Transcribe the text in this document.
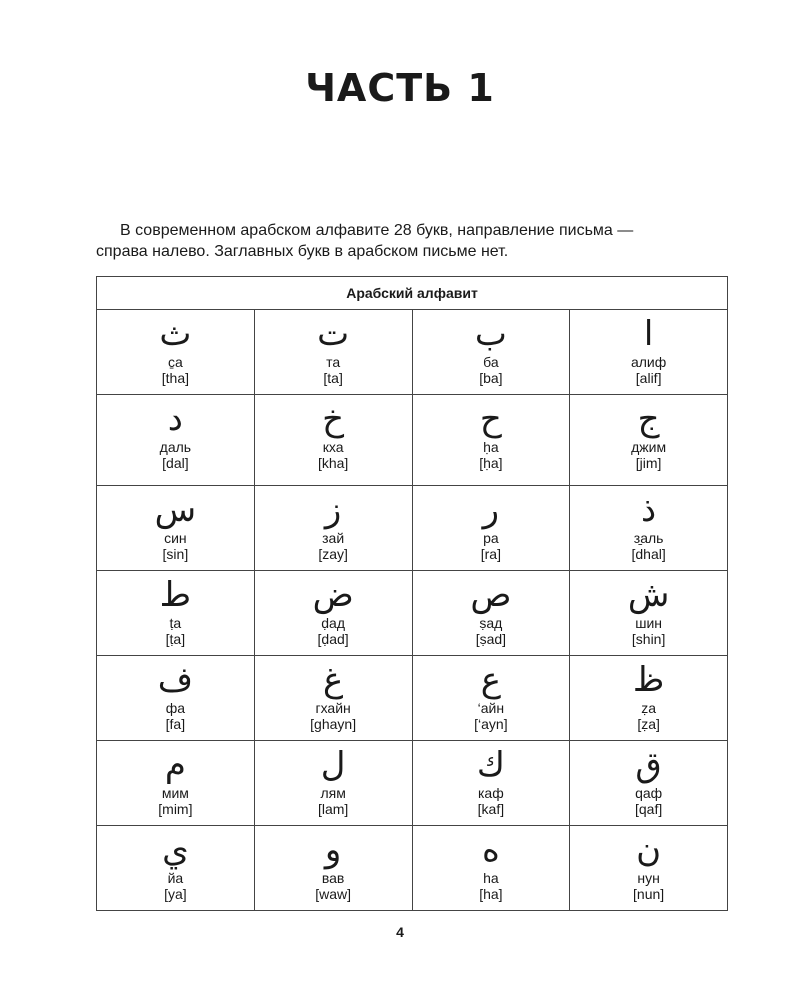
ЧАСТЬ 1

В современном арабском алфавите 28 букв, направление письма —
справа налево. Заглавных букв в арабском письме нет.

Арабский алфавит			

ث
c̱a
[tha]	ت
та
[ta]	ب
ба
[ba]	ا
алиф
[alif]

د
даль
[dal]	خ
кха
[kha]	ح
ḥa
[ḥa]	ج
джим
[jim]

س
син
[sin]	ز
зай
[zay]	ر
ра
[ra]	ذ
з̱аль
[dhal]

ط
ṭa
[ṭa]	ض
ḍад
[ḍad]	ص
ṣад
[ṣad]	ش
шин
[shin]

ف
фа
[fa]	غ
гхайн
[ghayn]	ع
‘айн
[‘ayn]	ظ
ẓa
[ẓa]

م
мим
[mim]	ل
лям
[lam]	ك
каф
[kaf]	ق
qаф
[qaf]

ي
йа
[ya]	و
вав
[waw]	ه
ha
[ha]	ن
нун
[nun]
4
